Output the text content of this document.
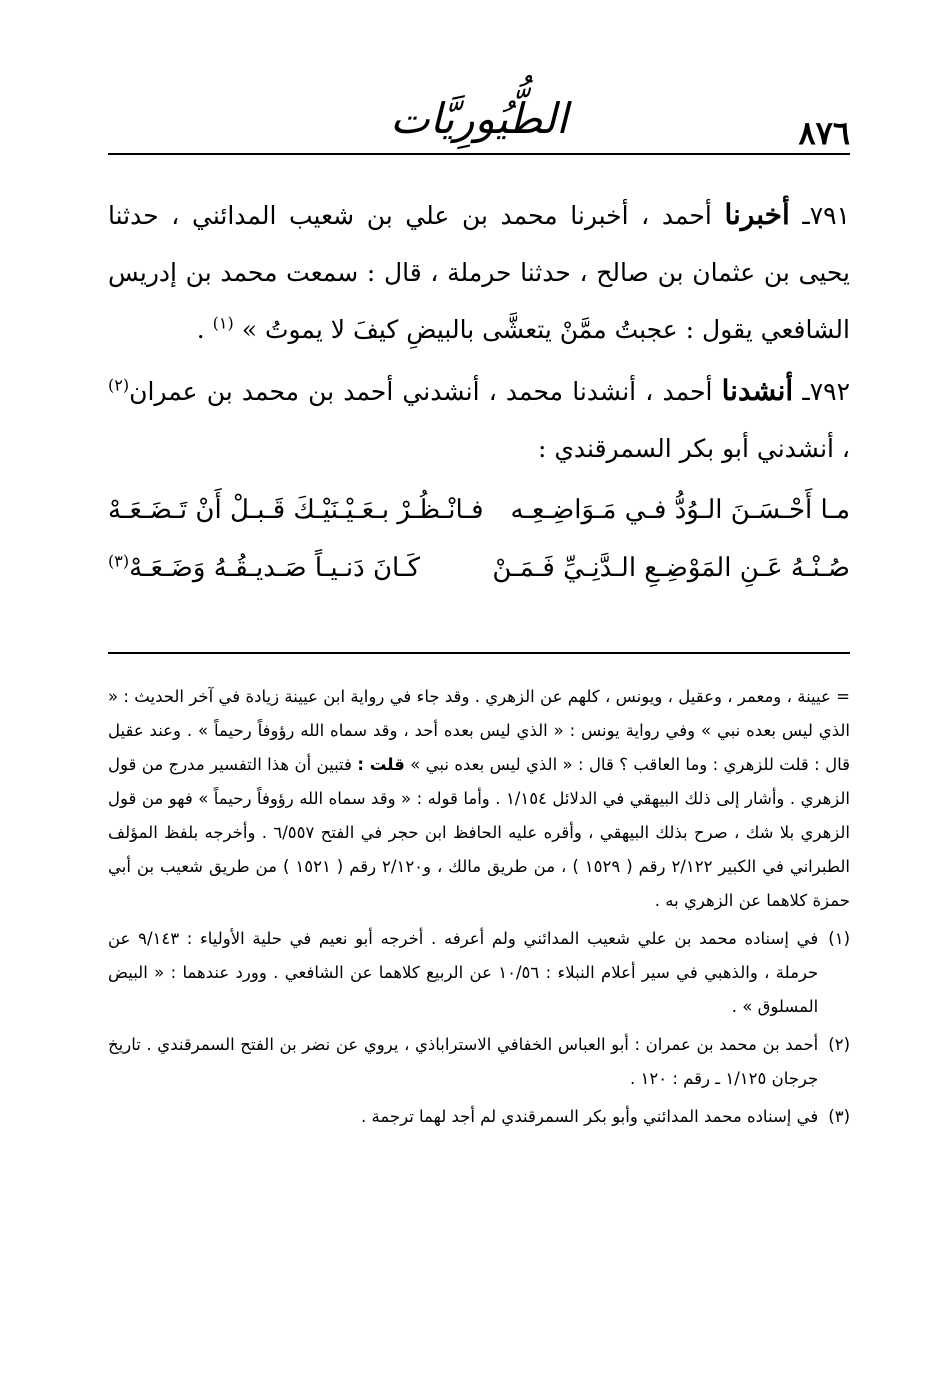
٨٧٦
الطُّيُورِيَّات

٧٩١ـ أخبرنا أحمد ، أخبرنا محمد بن علي بن شعيب المدائني ، حدثنا يحيى بن عثمان بن صالح ، حدثنا حرملة ، قال : سمعت محمد بن إدريس الشافعي يقول : عجبتُ ممَّنْ يتعشَّى بالبيضِ كيفَ لا يموتُ » $^{(١)}$ .

٧٩٢ـ أنشدنا أحمد ، أنشدنا محمد ، أنشدني أحمد بن محمد بن عمران$^{(٢)}$ ، أنشدني أبو بكر السمرقندي :

مـا أَحْـسَـنَ الـوُدُّ فـي مَـوَاضِـعِـه
فـانْـظُـرْ بـعَـيْـنَيْـكَ قَـبـلْ أَنْ تَـضَـعَـهْ
صُـنْـهُ عَـنِ المَوْضِـعِ الـدَّنِـيِّ فَـمَـنْ
كَـانَ دَنـيـاً صَـديـقُـهُ وَضَـعَـهْ$^{(٣)}$

= عيينة ، ومعمر ، وعقيل ، ويونس ، كلهم عن الزهري . وقد جاء في رواية ابن عيينة زيادة في آخر الحديث : « الذي ليس بعده نبي » وفي رواية يونس : « الذي ليس بعده أحد ، وقد سماه الله رؤوفاً رحيماً » . وعند عقيل قال : قلت للزهري : وما العاقب ؟ قال : « الذي ليس بعده نبي » قلت : فتبين أن هذا التفسير مدرج من قول الزهري . وأشار إلى ذلك البيهقي في الدلائل ١/١٥٤ . وأما قوله : « وقد سماه الله رؤوفاً رحيماً » فهو من قول الزهري بلا شك ، صرح بذلك البيهقي ، وأقره عليه الحافظ ابن حجر في الفتح ٦/٥٥٧ . وأخرجه بلفظ المؤلف الطبراني في الكبير ٢/١٢٢ رقم ( ١٥٢٩ ) ، من طريق مالك ، و٢/١٢٠ رقم ( ١٥٢١ ) من طريق شعيب بن أبي حمزة كلاهما عن الزهري به .

(١)
في إسناده محمد بن علي شعيب المدائني ولم أعرفه . أخرجه أبو نعيم في حلية الأولياء : ٩/١٤٣ عن حرملة ، والذهبي في سير أعلام النبلاء : ١٠/٥٦ عن الربيع كلاهما عن الشافعي . وورد عندهما : « البيض المسلوق » .
(٢)
أحمد بن محمد بن عمران : أبو العباس الخفافي الاستراباذي ، يروي عن نضر بن الفتح السمرقندي . تاريخ جرجان ١/١٢٥ ـ رقم : ١٢٠ .
(٣)
في إسناده محمد المدائني وأبو بكر السمرقندي لم أجد لهما ترجمة .
